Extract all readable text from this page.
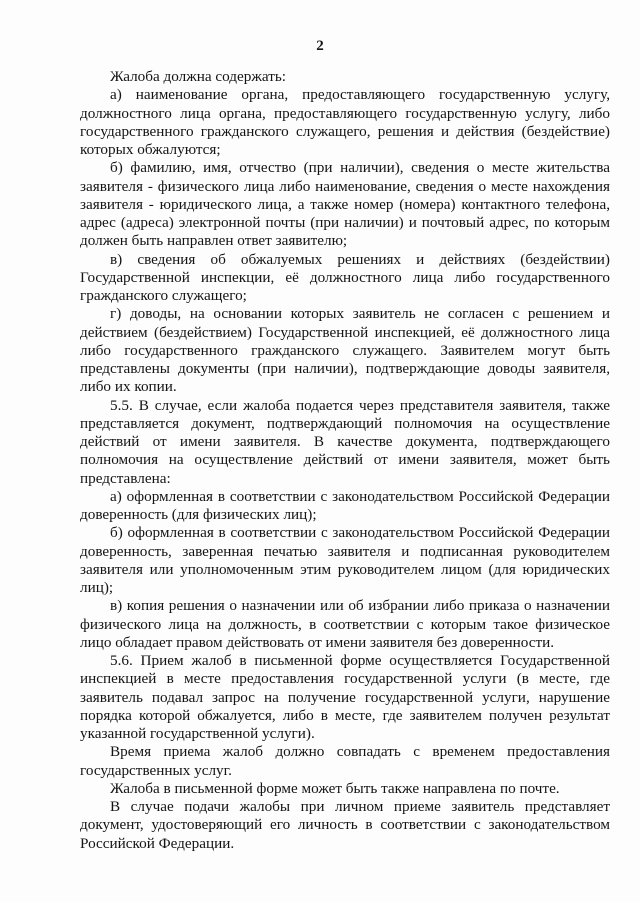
2

Жалоба должна содержать:

а) наименование органа, предоставляющего государственную услугу, должностного лица органа, предоставляющего государственную услугу, либо государственного гражданского служащего, решения и действия (бездействие) которых обжалуются;

б) фамилию, имя, отчество (при наличии), сведения о месте жительства заявителя - физического лица либо наименование, сведения о месте нахождения заявителя - юридического лица, а также номер (номера) контактного телефона, адрес (адреса) электронной почты (при наличии) и почтовый адрес, по которым должен быть направлен ответ заявителю;

в) сведения об обжалуемых решениях и действиях (бездействии) Государственной инспекции, её должностного лица либо государственного гражданского служащего;

г) доводы, на основании которых заявитель не согласен с решением и действием (бездействием) Государственной инспекцией, её должностного лица либо государственного гражданского служащего. Заявителем могут быть представлены документы (при наличии), подтверждающие доводы заявителя, либо их копии.

5.5. В случае, если жалоба подается через представителя заявителя, также представляется документ, подтверждающий полномочия на осуществление действий от имени заявителя. В качестве документа, подтверждающего полномочия на осуществление действий от имени заявителя, может быть представлена:

а) оформленная в соответствии с законодательством Российской Федерации доверенность (для физических лиц);

б) оформленная в соответствии с законодательством Российской Федерации доверенность, заверенная печатью заявителя и подписанная руководителем заявителя или уполномоченным этим руководителем лицом (для юридических лиц);

в) копия решения о назначении или об избрании либо приказа о назначении физического лица на должность, в соответствии с которым такое физическое лицо обладает правом действовать от имени заявителя без доверенности.

5.6. Прием жалоб в письменной форме осуществляется Государственной инспекцией в месте предоставления государственной услуги (в месте, где заявитель подавал запрос на получение государственной услуги, нарушение порядка которой обжалуется, либо в месте, где заявителем получен результат указанной государственной услуги).

Время приема жалоб должно совпадать с временем предоставления государственных услуг.

Жалоба в письменной форме может быть также направлена по почте.

В случае подачи жалобы при личном приеме заявитель представляет документ, удостоверяющий его личность в соответствии с законодательством Российской Федерации.
